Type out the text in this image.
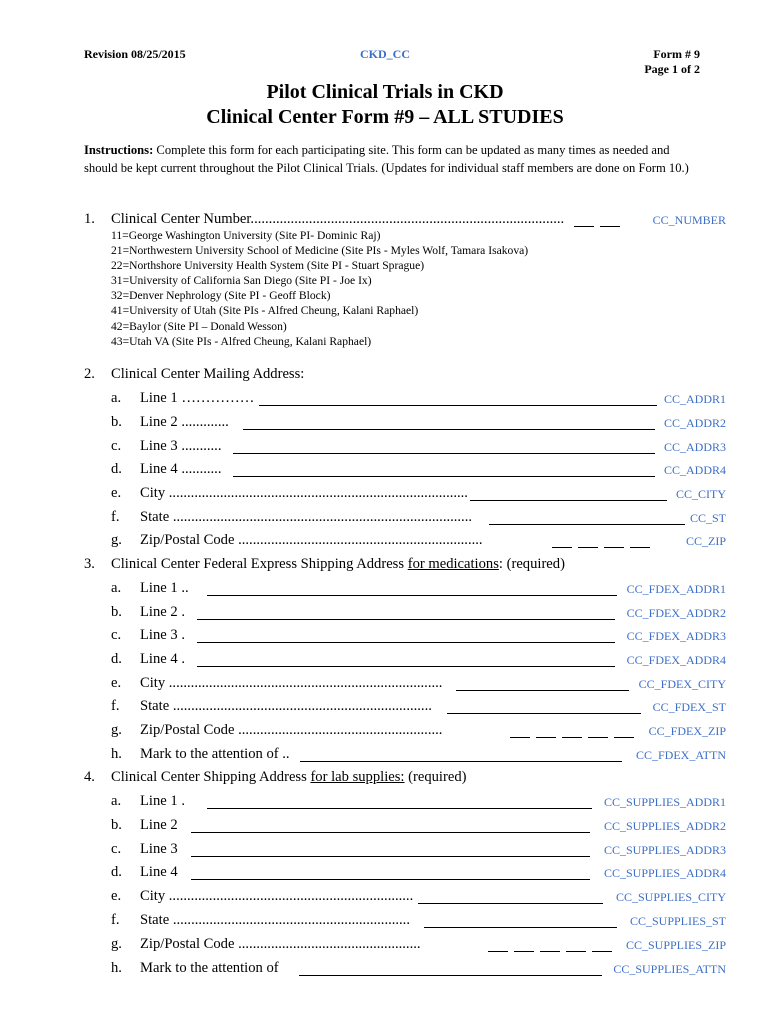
Revision 08/25/2015	CKD_CC	Form # 9
Page 1 of 2
Pilot Clinical Trials in CKD
Clinical Center Form #9 – ALL STUDIES
Instructions: Complete this form for each participating site. This form can be updated as many times as needed and should be kept current throughout the Pilot Clinical Trials. (Updates for individual staff members are done on Form 10.)
1. Clinical Center Number......................................................................................	CC_NUMBER
11=George Washington University (Site PI- Dominic Raj)
21=Northwestern University School of Medicine (Site PIs - Myles Wolf, Tamara Isakova)
22=Northshore University Health System (Site PI - Stuart Sprague)
31=University of California San Diego (Site PI - Joe Ix)
32=Denver Nephrology (Site PI - Geoff Block)
41=University of Utah (Site PIs - Alfred Cheung, Kalani Raphael)
42=Baylor (Site PI – Donald Wesson)
43=Utah VA (Site PIs - Alfred Cheung, Kalani Raphael)
2. Clinical Center Mailing Address:
a. Line 1 ……………	CC_ADDR1
b. Line 2 .............	CC_ADDR2
c. Line 3 ...........	CC_ADDR3
d. Line 4 ...........	CC_ADDR4
e. City ..................................................................................	CC_CITY
f. State ..................................................................................	CC_ST
g. Zip/Postal Code ...................................................................	CC_ZIP
3. Clinical Center Federal Express Shipping Address for medications: (required)
a. Line 1 ..	CC_FDEX_ADDR1
b. Line 2 .	CC_FDEX_ADDR2
c. Line 3 .	CC_FDEX_ADDR3
d. Line 4 .	CC_FDEX_ADDR4
e. City ...........................................................................	CC_FDEX_CITY
f. State .......................................................................	CC_FDEX_ST
g. Zip/Postal Code ........................................................	CC_FDEX_ZIP
h. Mark to the attention of ..	CC_FDEX_ATTN
4. Clinical Center Shipping Address for lab supplies: (required)
a. Line 1 .	CC_SUPPLIES_ADDR1
b. Line 2	CC_SUPPLIES_ADDR2
c. Line 3	CC_SUPPLIES_ADDR3
d. Line 4	CC_SUPPLIES_ADDR4
e. City ...................................................................	CC_SUPPLIES_CITY
f. State .................................................................	CC_SUPPLIES_ST
g. Zip/Postal Code ..................................................	CC_SUPPLIES_ZIP
h. Mark to the attention of	CC_SUPPLIES_ATTN
